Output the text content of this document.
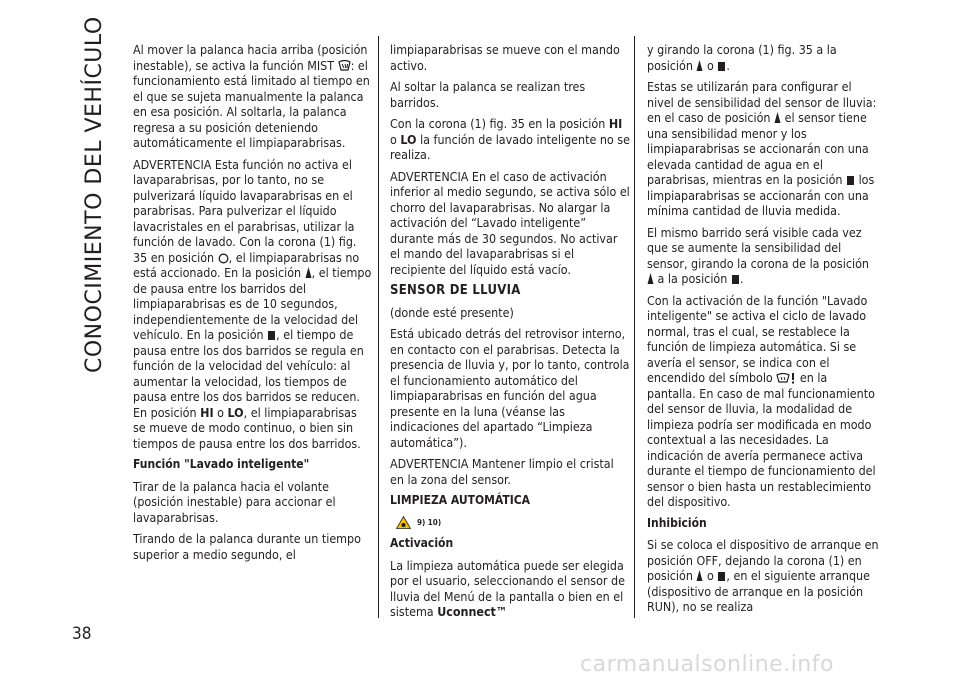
CONOCIMIENTO DEL VEHÍCULO
38

Al mover la palanca hacia arriba (posición inestable), se activa la función MIST : el funcionamiento está limitado al tiempo en el que se sujeta manualmente la palanca en esa posición. Al soltarla, la palanca regresa a su posición deteniendo automáticamente el limpiaparabrisas.

ADVERTENCIA Esta función no activa el lavaparabrisas, por lo tanto, no se pulverizará líquido lavaparabrisas en el parabrisas. Para pulverizar el líquido lavacristales en el parabrisas, utilizar la función de lavado. Con la corona (1) fig. 35 en posición , el limpiaparabrisas no está accionado. En la posición , el tiempo de pausa entre los barridos del limpiaparabrisas es de 10 segundos, independientemente de la velocidad del vehículo. En la posición , el tiempo de pausa entre los dos barridos se regula en función de la velocidad del vehículo: al aumentar la velocidad, los tiempos de pausa entre los dos barridos se reducen. En posición HI o LO, el limpiaparabrisas se mueve de modo continuo, o bien sin tiempos de pausa entre los dos barridos.

Función "Lavado inteligente"

Tirar de la palanca hacia el volante (posición inestable) para accionar el lavaparabrisas.

Tirando de la palanca durante un tiempo superior a medio segundo, el

limpiaparabrisas se mueve con el mando activo.

Al soltar la palanca se realizan tres barridos.

Con la corona (1) fig. 35 en la posición HI o LO la función de lavado inteligente no se realiza.

ADVERTENCIA En el caso de activación inferior al medio segundo, se activa sólo el chorro del lavaparabrisas. No alargar la activación del “Lavado inteligente” durante más de 30 segundos. No activar el mando del lavaparabrisas si el recipiente del líquido está vacío.

SENSOR DE LLUVIA

(donde esté presente)

Está ubicado detrás del retrovisor interno, en contacto con el parabrisas. Detecta la presencia de lluvia y, por lo tanto, controla el funcionamiento automático del limpiaparabrisas en función del agua presente en la luna (véanse las indicaciones del apartado “Limpieza automática”).

ADVERTENCIA Mantener limpio el cristal en la zona del sensor.

LIMPIEZA AUTOMÁTICA

9) 10)

Activación

La limpieza automática puede ser elegida por el usuario, seleccionando el sensor de lluvia del Menú de la pantalla o bien en el sistema Uconnect™

y girando la corona (1) fig. 35 a la posición o .

Estas se utilizarán para configurar el nivel de sensibilidad del sensor de lluvia: en el caso de posición el sensor tiene una sensibilidad menor y los limpiaparabrisas se accionarán con una elevada cantidad de agua en el parabrisas, mientras en la posición los limpiaparabrisas se accionarán con una mínima cantidad de lluvia medida.

El mismo barrido será visible cada vez que se aumente la sensibilidad del sensor, girando la corona de la posición  a la posición .

Con la activación de la función "Lavado inteligente" se activa el ciclo de lavado normal, tras el cual, se restablece la función de limpieza automática. Si se avería el sensor, se indica con el encendido del símbolo en la pantalla. En caso de mal funcionamiento del sensor de lluvia, la modalidad de limpieza podría ser modificada en modo contextual a las necesidades. La indicación de avería permanece activa durante el tiempo de funcionamiento del sensor o bien hasta un restablecimiento del dispositivo.

Inhibición

Si se coloca el dispositivo de arranque en posición OFF, dejando la corona (1) en posición o , en el siguiente arranque (dispositivo de arranque en la posición RUN), no se realiza

carmanualsonline.info
